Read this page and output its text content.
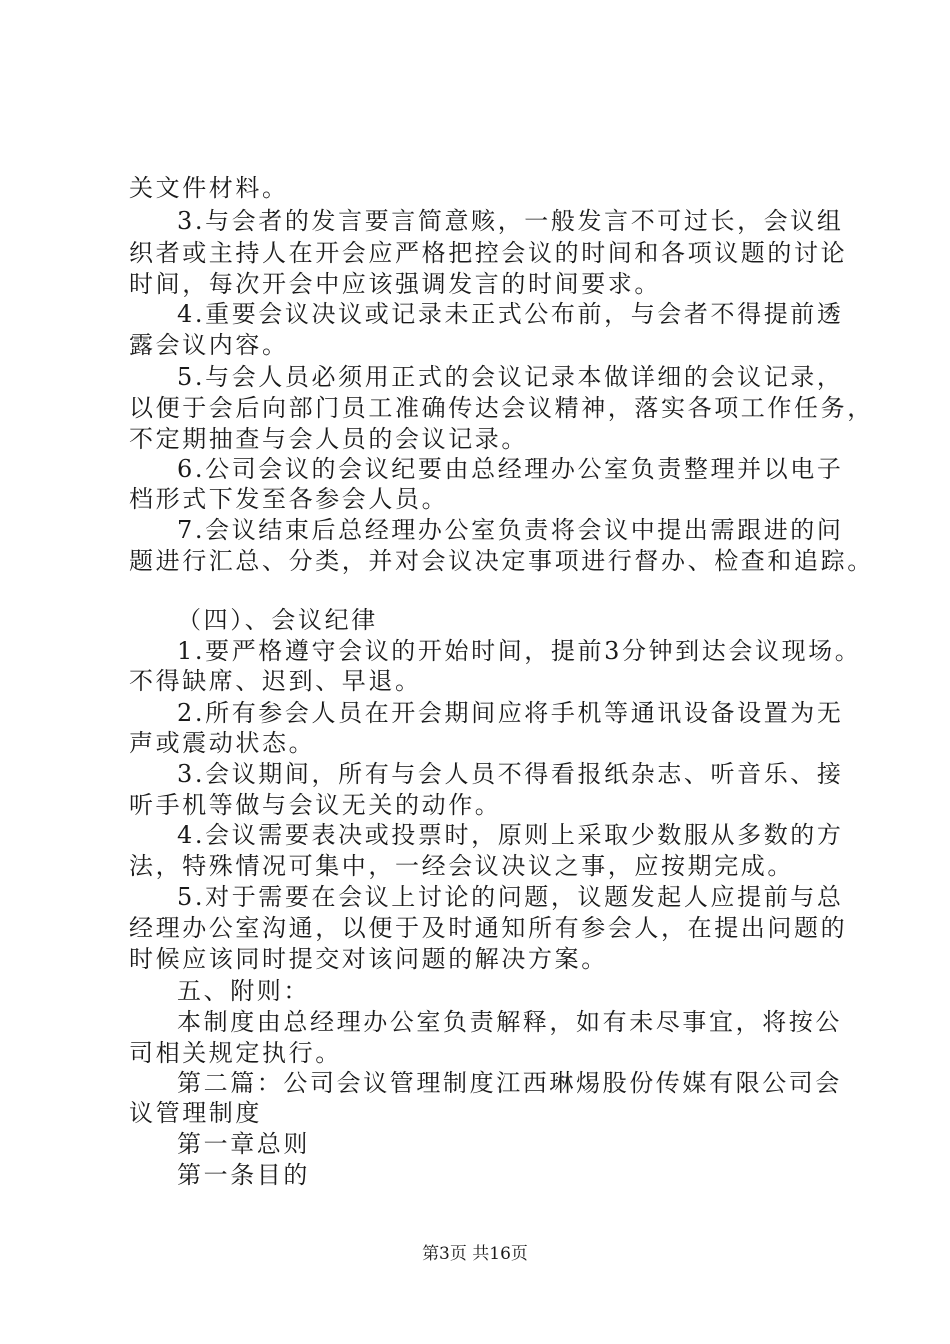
关文件材料。
3.与会者的发言要言简意赅，一般发言不可过长，会议组
织者或主持人在开会应严格把控会议的时间和各项议题的讨论
时间，每次开会中应该强调发言的时间要求。
4.重要会议决议或记录未正式公布前，与会者不得提前透
露会议内容。
5.与会人员必须用正式的会议记录本做详细的会议记录，
以便于会后向部门员工准确传达会议精神，落实各项工作任务，
不定期抽查与会人员的会议记录。
6.公司会议的会议纪要由总经理办公室负责整理并以电子
档形式下发至各参会人员。
7.会议结束后总经理办公室负责将会议中提出需跟进的问
题进行汇总、分类，并对会议决定事项进行督办、检查和追踪。
（四）、会议纪律
1.要严格遵守会议的开始时间，提前3分钟到达会议现场。
不得缺席、迟到、早退。
2.所有参会人员在开会期间应将手机等通讯设备设置为无
声或震动状态。
3.会议期间，所有与会人员不得看报纸杂志、听音乐、接
听手机等做与会议无关的动作。
4.会议需要表决或投票时，原则上采取少数服从多数的方
法，特殊情况可集中，一经会议决议之事，应按期完成。
5.对于需要在会议上讨论的问题，议题发起人应提前与总
经理办公室沟通，以便于及时通知所有参会人，在提出问题的
时候应该同时提交对该问题的解决方案。
五、附则：
本制度由总经理办公室负责解释，如有未尽事宜，将按公
司相关规定执行。
第二篇：公司会议管理制度江西琳焬股份传媒有限公司会
议管理制度
第一章总则
第一条目的
第3页 共16页
